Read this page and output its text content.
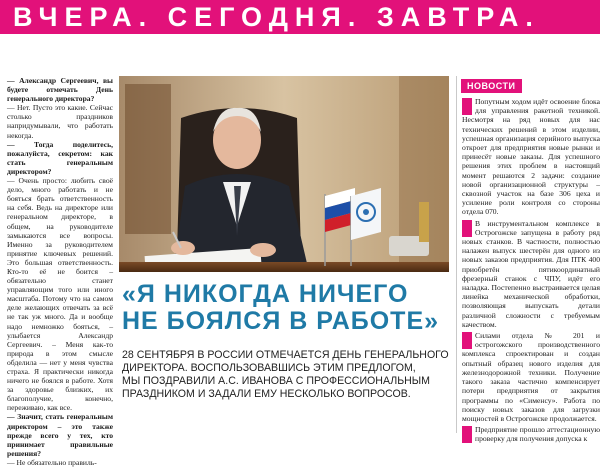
ВЧЕРА. СЕГОДНЯ. ЗАВТРА.

— Александр Сергеевич, вы будете отмечать День генерального директора?

— Нет. Пусто это какие. Сейчас столько праздников напридумывали, что работать некогда.

— Тогда поделитесь, пожалуйста, секретом: как стать генеральным директором?

— Очень просто: любить своё дело, много работать и не бояться брать ответственность на себя. Ведь на директоре или генеральном директоре, в общем, на руководителе замыкаются все вопросы. Именно за руководителем принятие ключевых решений. Это большая ответственность. Кто-то её не боится – обязательно станет управляющим того или иного масштаба. Потому что на самом деле желающих отвечать за всё не так уж много. Да и вообще надо немножко бояться, – улыбается Александр Сергеевич. – Меня как-то природа в этом смысле обделила — нет у меня чувства страха. Я практически никогда ничего не боялся в работе. Хотя за здоровье близких, их благополучие, конечно, переживаю, как все.

— Значит, стать генеральным директором – это также прежде всего у тех, кто принимает правильные решения?

— Не обязательно правиль-

«Я НИКОГДА НИЧЕГО
НЕ БОЯЛСЯ В РАБОТЕ»
28 СЕНТЯБРЯ В РОССИИ ОТМЕЧАЕТСЯ ДЕНЬ ГЕНЕРАЛЬНОГО
ДИРЕКТОРА. ВОСПОЛЬЗОВАВШИСЬ ЭТИМ ПРЕДЛОГОМ,
МЫ ПОЗДРАВИЛИ А.С. ИВАНОВА С ПРОФЕССИОНАЛЬНЫМ
ПРАЗДНИКОМ И ЗАДАЛИ ЕМУ НЕСКОЛЬКО ВОПРОСОВ.
НОВОСТИ

Попутным ходом идёт освоение блока для управления ракетной техникой. Несмотря на ряд новых для нас технических решений в этом изделии, успешная организация серийного выпуска откроет для предприятия новые рынки и принесёт новые заказы. Для успешного решения этих проблем в настоящий момент решаются 2 задачи: создание новой организационной структуры – сквозной участок на базе 306 цеха и усиление роли контроля со стороны отдела 070.

В инструментальном комплексе в Острогожске запущена в работу ряд новых станков. В частности, полностью налажен выпуск шестерён для одного из новых заказов предприятия. Для ПТК 400 приобретён пятикоординатный фрезерный станок с ЧПУ, идёт его наладка. Постепенно выстраивается целая линейка механической обработки, позволяющая выпускать детали различной сложности с требуемым качеством.

Силами отдела № 201 и острогожского производственного комплекса спроектирован и создан опытный образец нового изделия для железнодорожной техники. Получение такого заказа частично компенсирует потери предприятия от закрытия программы по «Сименсу». Работа по поиску новых заказов для загрузки мощностей в Острогожске продолжается.

Предприятие прошло аттестационную проверку для получения допуска к
